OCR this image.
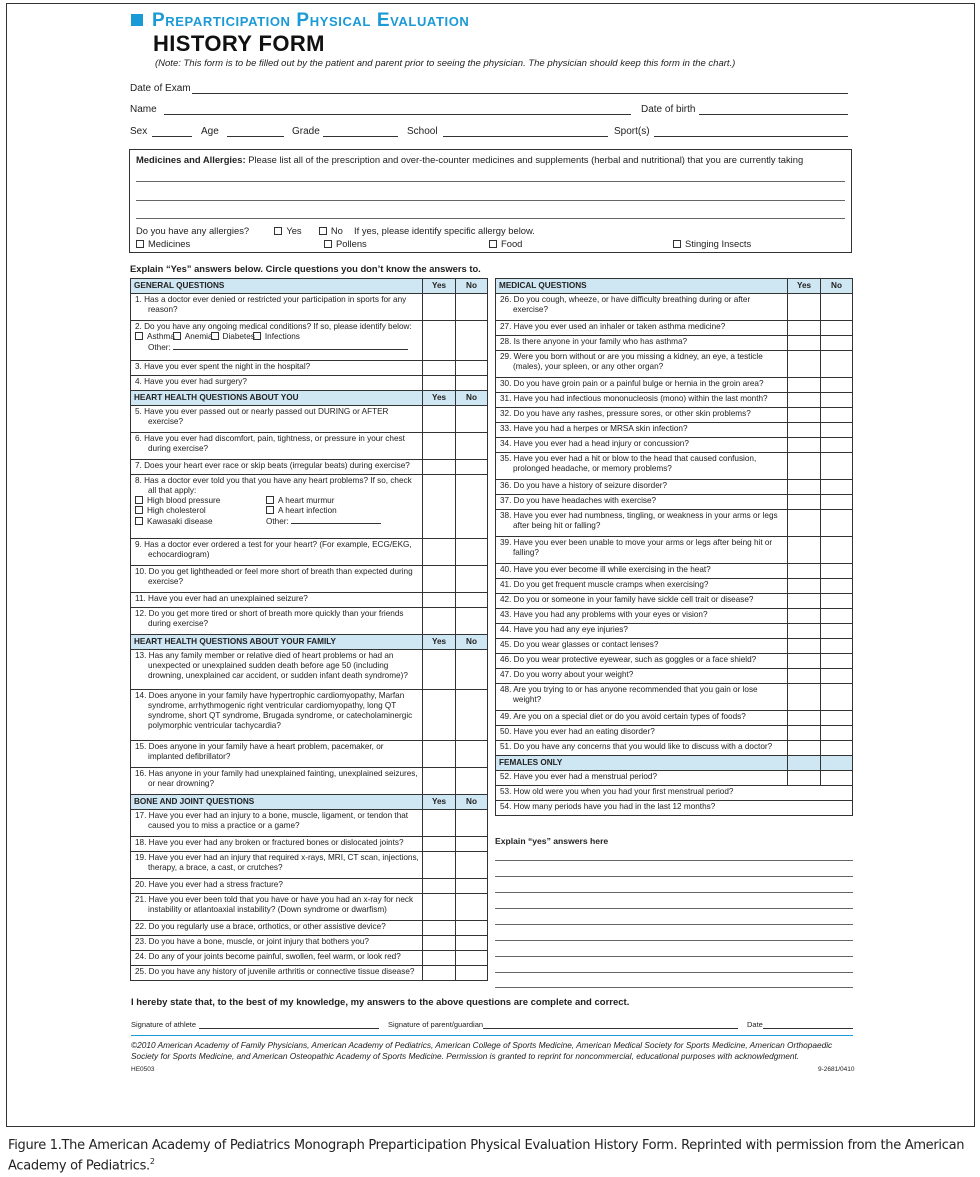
Preparticipation Physical Evaluation
HISTORY FORM
(Note: This form is to be filled out by the patient and parent prior to seeing the physician. The physician should keep this form in the chart.)
Date of Exam
Name	Date of birth
Sex	Age	Grade	School	Sport(s)
Medicines and Allergies: Please list all of the prescription and over-the-counter medicines and supplements (herbal and nutritional) that you are currently taking
Do you have any allergies?	Yes	No If yes, please identify specific allergy below.
Medicines	Pollens	Food	Stinging Insects
Explain “Yes” answers below. Circle questions you don’t know the answers to.
GENERAL QUESTIONS	Yes	No
1. Has a doctor ever denied or restricted your participation in sports for any reason?		
2. Do you have any ongoing medical conditions? If so, please identify below:
Asthma Anemia Diabetes Infections
Other:		
3. Have you ever spent the night in the hospital?		
4. Have you ever had surgery?		
HEART HEALTH QUESTIONS ABOUT YOU	Yes	No
5. Have you ever passed out or nearly passed out DURING or AFTER exercise?		
6. Have you ever had discomfort, pain, tightness, or pressure in your chest during exercise?		
7. Does your heart ever race or skip beats (irregular beats) during exercise?		
8. Has a doctor ever told you that you have any heart problems? If so, check all that apply:
High blood pressure A heart murmur
High cholesterol A heart infection
Kawasaki disease Other:		
9. Has a doctor ever ordered a test for your heart? (For example, ECG/EKG, echocardiogram)		
10. Do you get lightheaded or feel more short of breath than expected during exercise?		
11. Have you ever had an unexplained seizure?		
12. Do you get more tired or short of breath more quickly than your friends during exercise?		
HEART HEALTH QUESTIONS ABOUT YOUR FAMILY	Yes	No
13. Has any family member or relative died of heart problems or had an unexpected or unexplained sudden death before age 50 (including drowning, unexplained car accident, or sudden infant death syndrome)?		
14. Does anyone in your family have hypertrophic cardiomyopathy, Marfan syndrome, arrhythmogenic right ventricular cardiomyopathy, long QT syndrome, short QT syndrome, Brugada syndrome, or catecholaminergic polymorphic ventricular tachycardia?		
15. Does anyone in your family have a heart problem, pacemaker, or implanted defibrillator?		
16. Has anyone in your family had unexplained fainting, unexplained seizures, or near drowning?		
BONE AND JOINT QUESTIONS	Yes	No
17. Have you ever had an injury to a bone, muscle, ligament, or tendon that caused you to miss a practice or a game?		
18. Have you ever had any broken or fractured bones or dislocated joints?		
19. Have you ever had an injury that required x-rays, MRI, CT scan, injections, therapy, a brace, a cast, or crutches?		
20. Have you ever had a stress fracture?		
21. Have you ever been told that you have or have you had an x-ray for neck instability or atlantoaxial instability? (Down syndrome or dwarfism)		
22. Do you regularly use a brace, orthotics, or other assistive device?		
23. Do you have a bone, muscle, or joint injury that bothers you?		
24. Do any of your joints become painful, swollen, feel warm, or look red?		
25. Do you have any history of juvenile arthritis or connective tissue disease?		
MEDICAL QUESTIONS	Yes	No
26. Do you cough, wheeze, or have difficulty breathing during or after exercise?		
27. Have you ever used an inhaler or taken asthma medicine?		
28. Is there anyone in your family who has asthma?		
29. Were you born without or are you missing a kidney, an eye, a testicle (males), your spleen, or any other organ?		
30. Do you have groin pain or a painful bulge or hernia in the groin area?		
31. Have you had infectious mononucleosis (mono) within the last month?		
32. Do you have any rashes, pressure sores, or other skin problems?		
33. Have you had a herpes or MRSA skin infection?		
34. Have you ever had a head injury or concussion?		
35. Have you ever had a hit or blow to the head that caused confusion, prolonged headache, or memory problems?		
36. Do you have a history of seizure disorder?		
37. Do you have headaches with exercise?		
38. Have you ever had numbness, tingling, or weakness in your arms or legs after being hit or falling?		
39. Have you ever been unable to move your arms or legs after being hit or falling?		
40. Have you ever become ill while exercising in the heat?		
41. Do you get frequent muscle cramps when exercising?		
42. Do you or someone in your family have sickle cell trait or disease?		
43. Have you had any problems with your eyes or vision?		
44. Have you had any eye injuries?		
45. Do you wear glasses or contact lenses?		
46. Do you wear protective eyewear, such as goggles or a face shield?		
47. Do you worry about your weight?		
48. Are you trying to or has anyone recommended that you gain or lose weight?		
49. Are you on a special diet or do you avoid certain types of foods?		
50. Have you ever had an eating disorder?		
51. Do you have any concerns that you would like to discuss with a doctor?		
FEMALES ONLY		
52. Have you ever had a menstrual period?		
53. How old were you when you had your first menstrual period?		
54. How many periods have you had in the last 12 months?		
Explain “yes” answers here
I hereby state that, to the best of my knowledge, my answers to the above questions are complete and correct.
Signature of athlete	Signature of parent/guardian	Date
©2010 American Academy of Family Physicians, American Academy of Pediatrics, American College of Sports Medicine, American Medical Society for Sports Medicine, American Orthopaedic Society for Sports Medicine, and American Osteopathic Academy of Sports Medicine. Permission is granted to reprint for noncommercial, educational purposes with acknowledgment.
HE0503	9-2681/0410
Figure 1.The American Academy of Pediatrics Monograph Preparticipation Physical Evaluation History Form. Reprinted with permission from the American Academy of Pediatrics.$^2$
